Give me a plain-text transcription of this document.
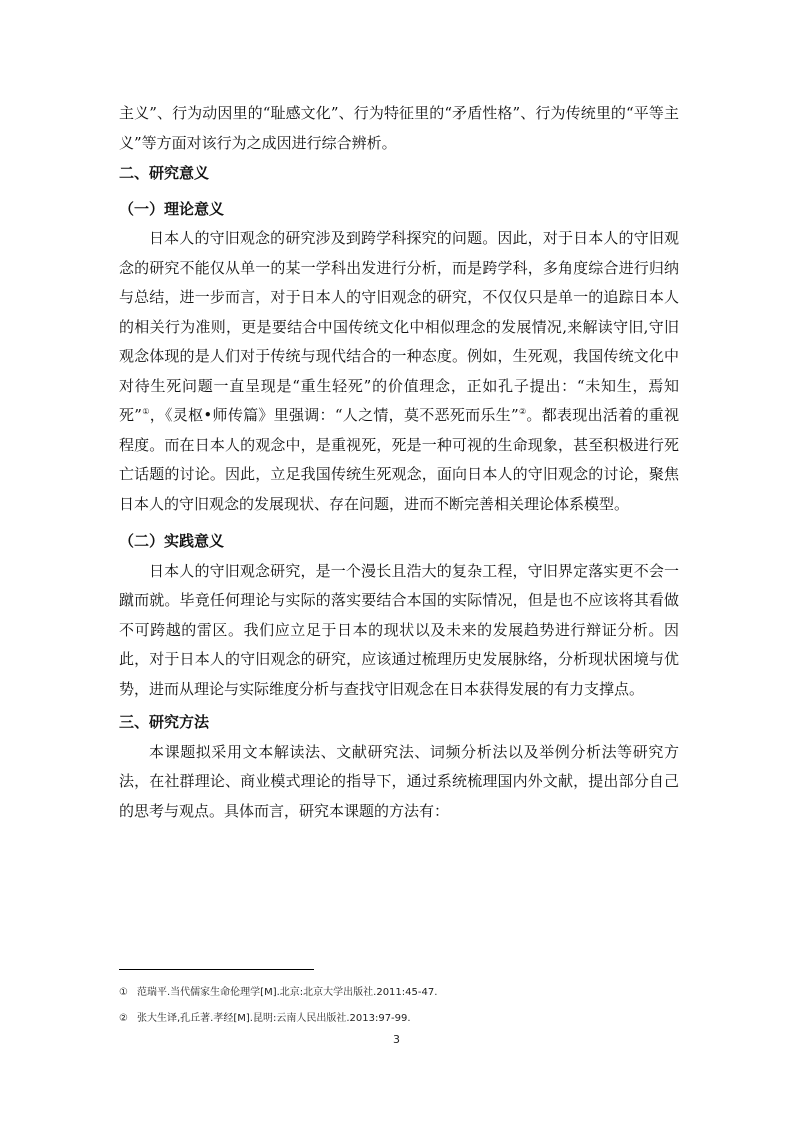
主义”、行为动因里的“耻感文化”、行为特征里的“矛盾性格”、行为传统里的“平等主义”等方面对该行为之成因进行综合辨析。

二、研究意义
（一）理论意义

日本人的守旧观念的研究涉及到跨学科探究的问题。因此，对于日本人的守旧观念的研究不能仅从单一的某一学科出发进行分析，而是跨学科，多角度综合进行归纳与总结，进一步而言，对于日本人的守旧观念的研究，不仅仅只是单一的追踪日本人的相关行为准则，更是要结合中国传统文化中相似理念的发展情况,来解读守旧,守旧观念体现的是人们对于传统与现代结合的一种态度。例如，生死观，我国传统文化中对待生死问题一直呈现是“重生轻死”的价值理念，正如孔子提出：“未知生，焉知死”①，《灵枢•师传篇》里强调：“人之情，莫不恶死而乐生”②。都表现出活着的重视程度。而在日本人的观念中，是重视死，死是一种可视的生命现象，甚至积极进行死亡话题的讨论。因此，立足我国传统生死观念，面向日本人的守旧观念的讨论，聚焦日本人的守旧观念的发展现状、存在问题，进而不断完善相关理论体系模型。

（二）实践意义

日本人的守旧观念研究，是一个漫长且浩大的复杂工程，守旧界定落实更不会一蹴而就。毕竟任何理论与实际的落实要结合本国的实际情况，但是也不应该将其看做不可跨越的雷区。我们应立足于日本的现状以及未来的发展趋势进行辩证分析。因此，对于日本人的守旧观念的研究，应该通过梳理历史发展脉络，分析现状困境与优势，进而从理论与实际维度分析与查找守旧观念在日本获得发展的有力支撑点。

三、研究方法

本课题拟采用文本解读法、文献研究法、词频分析法以及举例分析法等研究方法，在社群理论、商业模式理论的指导下，通过系统梳理国内外文献，提出部分自己的思考与观点。具体而言，研究本课题的方法有：

① 范瑞平.当代儒家生命伦理学[M].北京:北京大学出版社.2011:45-47.
② 张大生译,孔丘著.孝经[M].昆明:云南人民出版社.2013:97-99.
3
